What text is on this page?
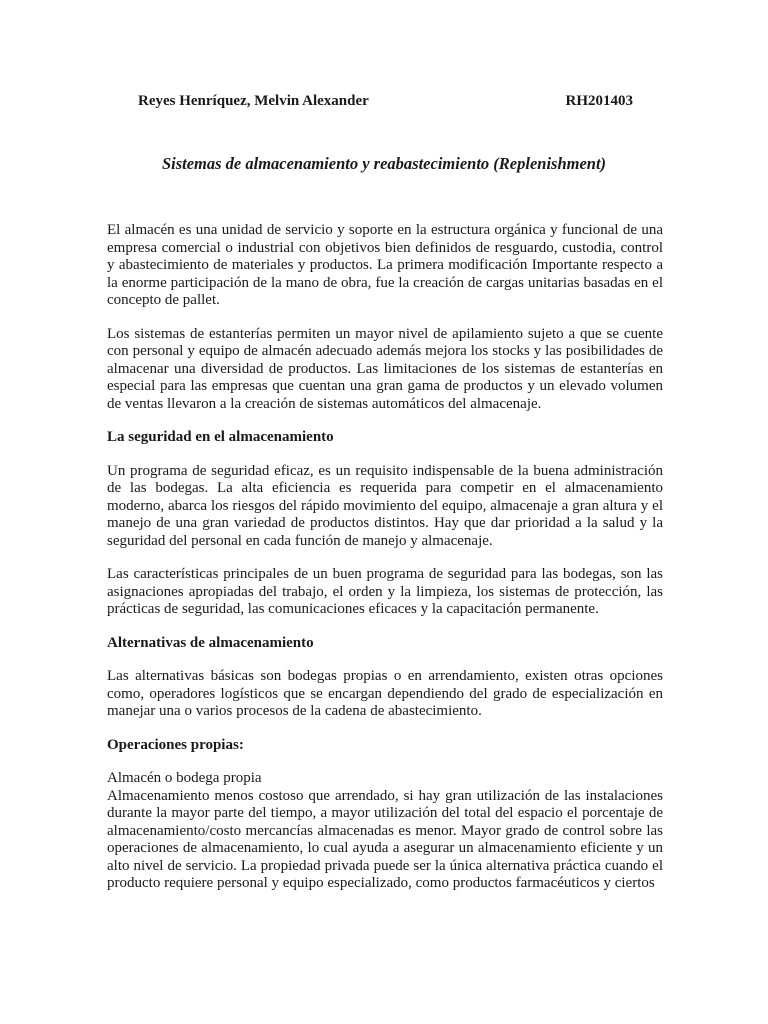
Reyes Henríquez, Melvin Alexander	RH201403
Sistemas de almacenamiento y reabastecimiento (Replenishment)

El almacén es una unidad de servicio y soporte en la estructura orgánica y funcional de una empresa comercial o industrial con objetivos bien definidos de resguardo, custodia, control y abastecimiento de materiales y productos. La primera modificación Importante respecto a la enorme participación de la mano de obra, fue la creación de cargas unitarias basadas en el concepto de pallet.

Los sistemas de estanterías permiten un mayor nivel de apilamiento sujeto a que se cuente con personal y equipo de almacén adecuado además mejora los stocks y las posibilidades de almacenar una diversidad de productos. Las limitaciones de los sistemas de estanterías en especial para las empresas que cuentan una gran gama de productos y un elevado volumen de ventas llevaron a la creación de sistemas automáticos del almacenaje.

La seguridad en el almacenamiento

Un programa de seguridad eficaz, es un requisito indispensable de la buena administración de las bodegas. La alta eficiencia es requerida para competir en el almacenamiento moderno, abarca los riesgos del rápido movimiento del equipo, almacenaje a gran altura y el manejo de una gran variedad de productos distintos. Hay que dar prioridad a la salud y la seguridad del personal en cada función de manejo y almacenaje.

Las características principales de un buen programa de seguridad para las bodegas, son las asignaciones apropiadas del trabajo, el orden y la limpieza, los sistemas de protección, las prácticas de seguridad, las comunicaciones eficaces y la capacitación permanente.

Alternativas de almacenamiento

Las alternativas básicas son bodegas propias o en arrendamiento, existen otras opciones como, operadores logísticos que se encargan dependiendo del grado de especialización en manejar una o varios procesos de la cadena de abastecimiento.

Operaciones propias:

Almacén o bodega propia

Almacenamiento menos costoso que arrendado, si hay gran utilización de las instalaciones durante la mayor parte del tiempo, a mayor utilización del total del espacio el porcentaje de almacenamiento/costo mercancías almacenadas es menor. Mayor grado de control sobre las operaciones de almacenamiento, lo cual ayuda a asegurar un almacenamiento eficiente y un alto nivel de servicio. La propiedad privada puede ser la única alternativa práctica cuando el producto requiere personal y equipo especializado, como productos farmacéuticos y ciertos
